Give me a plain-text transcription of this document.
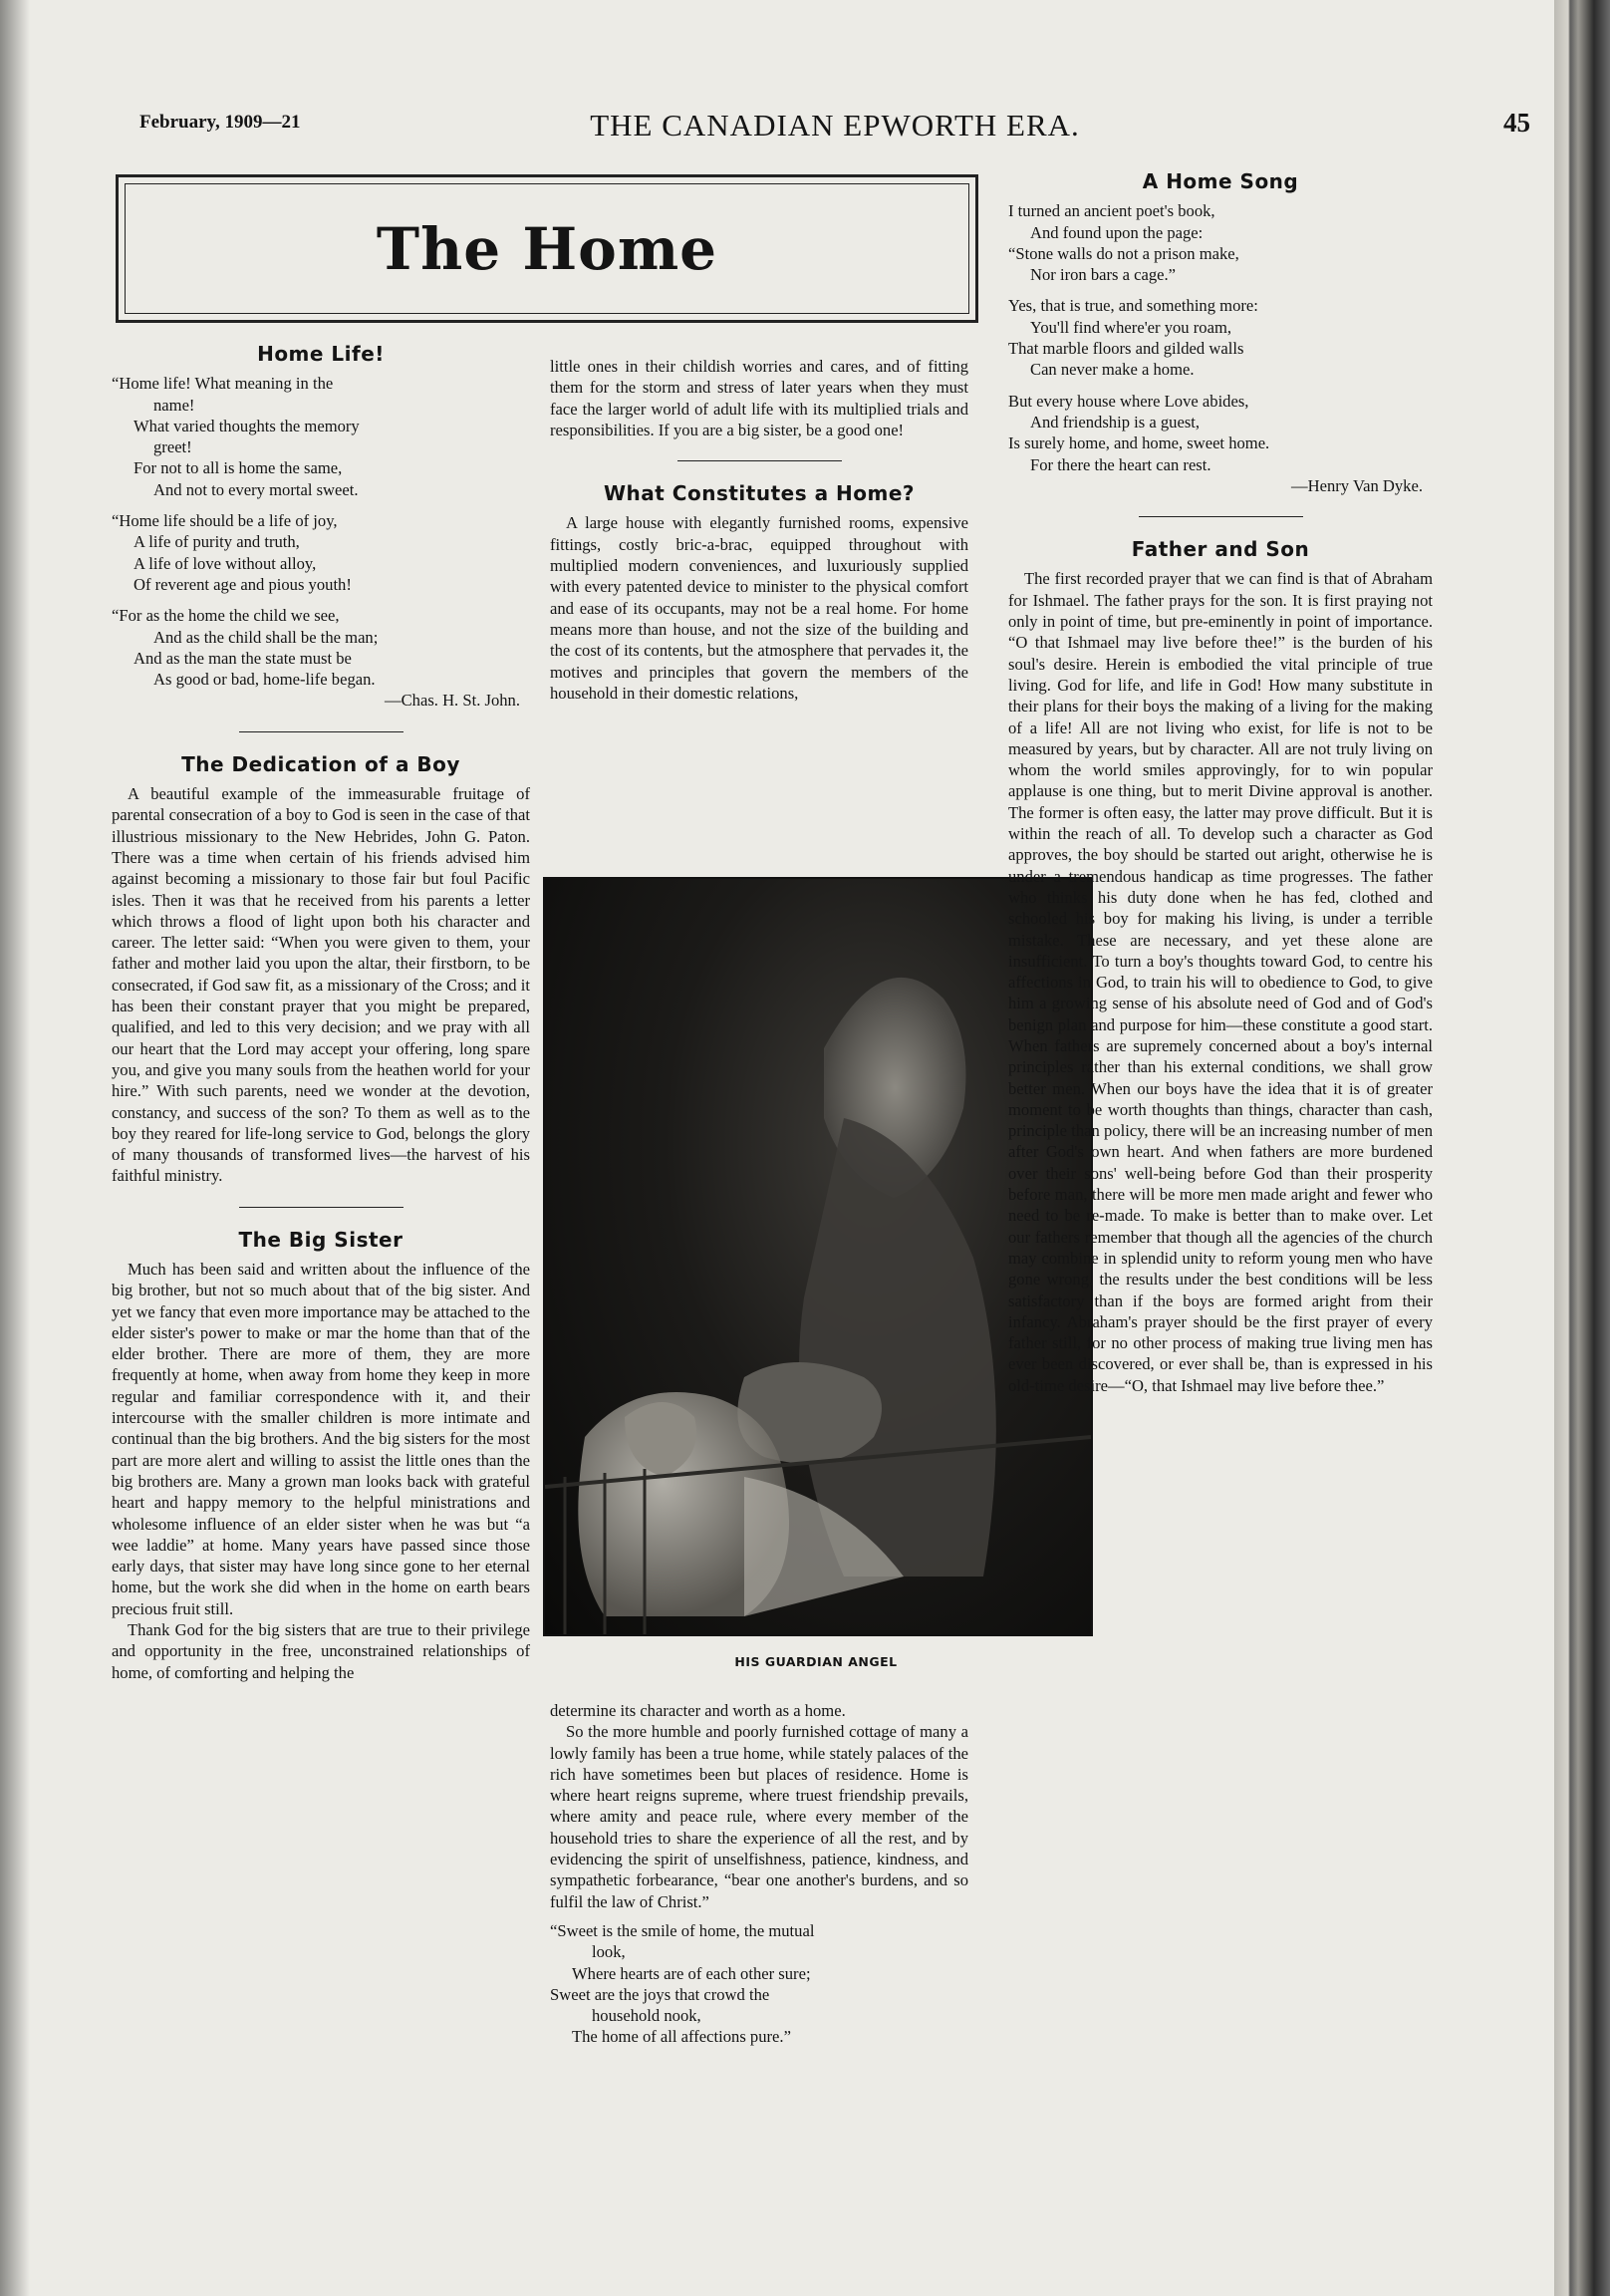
February, 1909—21	THE CANADIAN EPWORTH ERA.	45
The Home
Home Life!
“Home life! What meaning in the
name!
What varied thoughts the memory
greet!
For not to all is home the same,
And not to every mortal sweet.
“Home life should be a life of joy,
A life of purity and truth,
A life of love without alloy,
Of reverent age and pious youth!
“For as the home the child we see,
And as the child shall be the man;
And as the man the state must be
As good or bad, home-life began.
—Chas. H. St. John.
The Dedication of a Boy

A beautiful example of the immeasurable fruitage of parental consecration of a boy to God is seen in the case of that illustrious missionary to the New Hebrides, John G. Paton. There was a time when certain of his friends advised him against becoming a missionary to those fair but foul Pacific isles. Then it was that he received from his parents a letter which throws a flood of light upon both his character and career. The letter said: “When you were given to them, your father and mother laid you upon the altar, their firstborn, to be consecrated, if God saw fit, as a missionary of the Cross; and it has been their constant prayer that you might be prepared, qualified, and led to this very decision; and we pray with all our heart that the Lord may accept your offering, long spare you, and give you many souls from the heathen world for your hire.” With such parents, need we wonder at the devotion, constancy, and success of the son? To them as well as to the boy they reared for life-long service to God, belongs the glory of many thousands of transformed lives—the harvest of his faithful ministry.

The Big Sister

Much has been said and written about the influence of the big brother, but not so much about that of the big sister. And yet we fancy that even more importance may be attached to the elder sister's power to make or mar the home than that of the elder brother. There are more of them, they are more frequently at home, when away from home they keep in more regular and familiar correspondence with it, and their intercourse with the smaller children is more intimate and continual than the big brothers. And the big sisters for the most part are more alert and willing to assist the little ones than the big brothers are. Many a grown man looks back with grateful heart and happy memory to the helpful ministrations and wholesome influence of an elder sister when he was but “a wee laddie” at home. Many years have passed since those early days, that sister may have long since gone to her eternal home, but the work she did when in the home on earth bears precious fruit still.

Thank God for the big sisters that are true to their privilege and opportunity in the free, unconstrained relationships of home, of comforting and helping the

little ones in their childish worries and cares, and of fitting them for the storm and stress of later years when they must face the larger world of adult life with its multiplied trials and responsibilities. If you are a big sister, be a good one!

What Constitutes a Home?

A large house with elegantly furnished rooms, expensive fittings, costly bric-a-brac, equipped throughout with multiplied modern conveniences, and luxuriously supplied with every patented device to minister to the physical comfort and ease of its occupants, may not be a real home. For home means more than house, and not the size of the building and the cost of its contents, but the atmosphere that pervades it, the motives and principles that govern the members of the household in their domestic relations,

HIS GUARDIAN ANGEL

determine its character and worth as a home.

So the more humble and poorly furnished cottage of many a lowly family has been a true home, while stately palaces of the rich have sometimes been but places of residence. Home is where heart reigns supreme, where truest friendship prevails, where amity and peace rule, where every member of the household tries to share the experience of all the rest, and by evidencing the spirit of unselfishness, patience, kindness, and sympathetic forbearance, “bear one another's burdens, and so fulfil the law of Christ.”

“Sweet is the smile of home, the mutual
look,
Where hearts are of each other sure;
Sweet are the joys that crowd the
household nook,
The home of all affections pure.”
A Home Song
I turned an ancient poet's book,
And found upon the page:
“Stone walls do not a prison make,
Nor iron bars a cage.”
Yes, that is true, and something more:
You'll find where'er you roam,
That marble floors and gilded walls
Can never make a home.
But every house where Love abides,
And friendship is a guest,
Is surely home, and home, sweet home.
For there the heart can rest.
—Henry Van Dyke.
Father and Son

The first recorded prayer that we can find is that of Abraham for Ishmael. The father prays for the son. It is first praying not only in point of time, but pre-eminently in point of importance. “O that Ishmael may live before thee!” is the burden of his soul's desire. Herein is embodied the vital principle of true living. God for life, and life in God! How many substitute in their plans for their boys the making of a living for the making of a life! All are not living who exist, for life is not to be measured by years, but by character. All are not truly living on whom the world smiles approvingly, for to win popular applause is one thing, but to merit Divine approval is another. The former is often easy, the latter may prove difficult. But it is within the reach of all. To develop such a character as God approves, the boy should be started out aright, otherwise he is under a tremendous handicap as time progresses. The father who thinks his duty done when he has fed, clothed and schooled his boy for making his living, is under a terrible mistake. These are necessary, and yet these alone are insufficient. To turn a boy's thoughts toward God, to centre his affections in God, to train his will to obedience to God, to give him a growing sense of his absolute need of God and of God's benign plan and purpose for him—these constitute a good start. When fathers are supremely concerned about a boy's internal principles rather than his external conditions, we shall grow better men. When our boys have the idea that it is of greater moment to be worth thoughts than things, character than cash, principle than policy, there will be an increasing number of men after God's own heart. And when fathers are more burdened over their sons' well-being before God than their prosperity before man, there will be more men made aright and fewer who need to be re-made. To make is better than to make over. Let our fathers remember that though all the agencies of the church may combine in splendid unity to reform young men who have gone wrong, the results under the best conditions will be less satisfactory than if the boys are formed aright from their infancy. Abraham's prayer should be the first prayer of every father still, for no other process of making true living men has ever been discovered, or ever shall be, than is expressed in his old-time desire—“O, that Ishmael may live before thee.”
